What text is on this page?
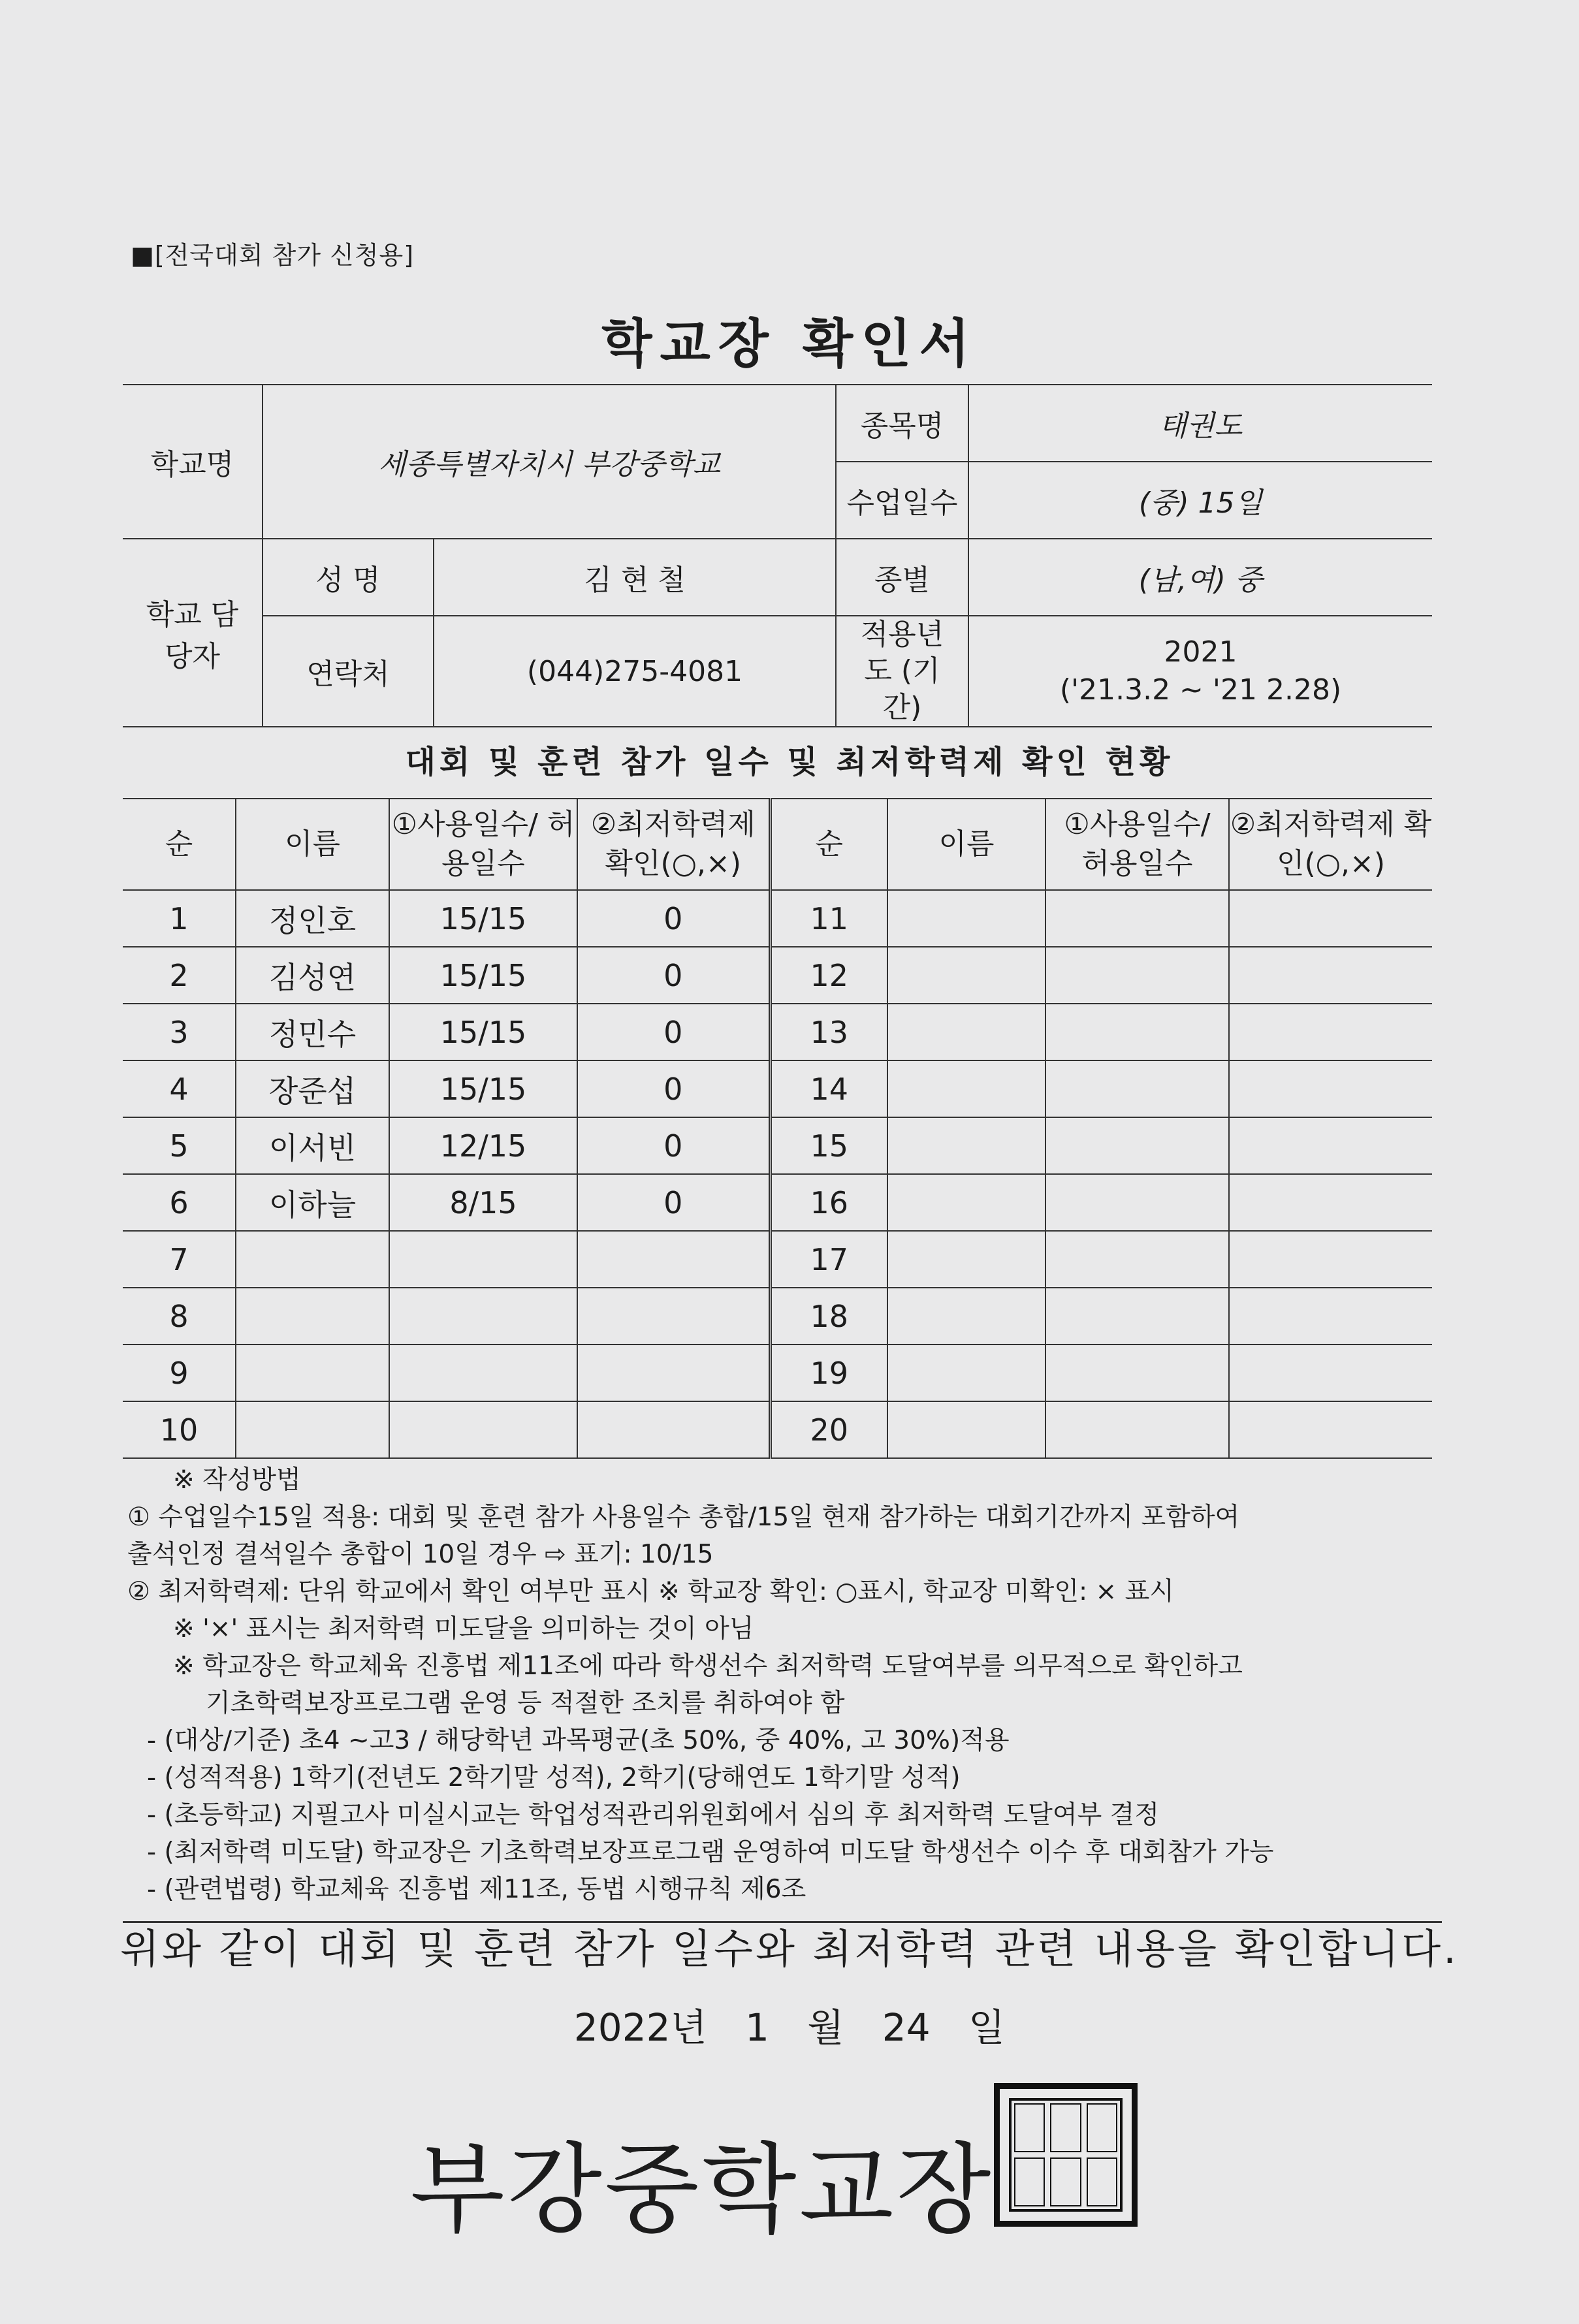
■[전국대회 참가 신청용]
학교장 확인서
학교명	세종특별자치시 부강중학교		종목명	태권도
			수업일수	(중) 15일
학교 담당자	성 명	김 현 철	종별	(남,여) 중
	연락처	(044)275-4081	적용년도 (기간)	2021
('21.3.2 ~ '21 2.28)
대회 및 훈련 참가 일수 및 최저학력제 확인 현황
순	이름	①사용일수/ 허용일수	②최저학력제 확인(○,×)	순	이름	①사용일수/ 허용일수	②최저학력제 확인(○,×)
1	정인호	15/15	0	11			
2	김성연	15/15	0	12			
3	정민수	15/15	0	13			
4	장준섭	15/15	0	14			
5	이서빈	12/15	0	15			
6	이하늘	8/15	0	16			
7				17			
8				18			
9				19			
10				20			
※ 작성방법
① 수업일수15일 적용: 대회 및 훈련 참가 사용일수 총합/15일 현재 참가하는 대회기간까지 포함하여
출석인정 결석일수 총합이 10일 경우 ⇨ 표기: 10/15
② 최저학력제: 단위 학교에서 확인 여부만 표시 ※ 학교장 확인: ○표시, 학교장 미확인: × 표시
※ '×' 표시는 최저학력 미도달을 의미하는 것이 아님
※ 학교장은 학교체육 진흥법 제11조에 따라 학생선수 최저학력 도달여부를 의무적으로 확인하고
기초학력보장프로그램 운영 등 적절한 조치를 취하여야 함
- (대상/기준) 초4 ~고3 / 해당학년 과목평균(초 50%, 중 40%, 고 30%)적용
- (성적적용) 1학기(전년도 2학기말 성적), 2학기(당해연도 1학기말 성적)
- (초등학교) 지필고사 미실시교는 학업성적관리위원회에서 심의 후 최저학력 도달여부 결정
- (최저학력 미도달) 학교장은 기초학력보장프로그램 운영하여 미도달 학생선수 이수 후 대회참가 가능
- (관련법령) 학교체육 진흥법 제11조, 동법 시행규칙 제6조
위와 같이 대회 및 훈련 참가 일수와 최저학력 관련 내용을 확인합니다.
2022년 1 월 24 일
부강중학교장
